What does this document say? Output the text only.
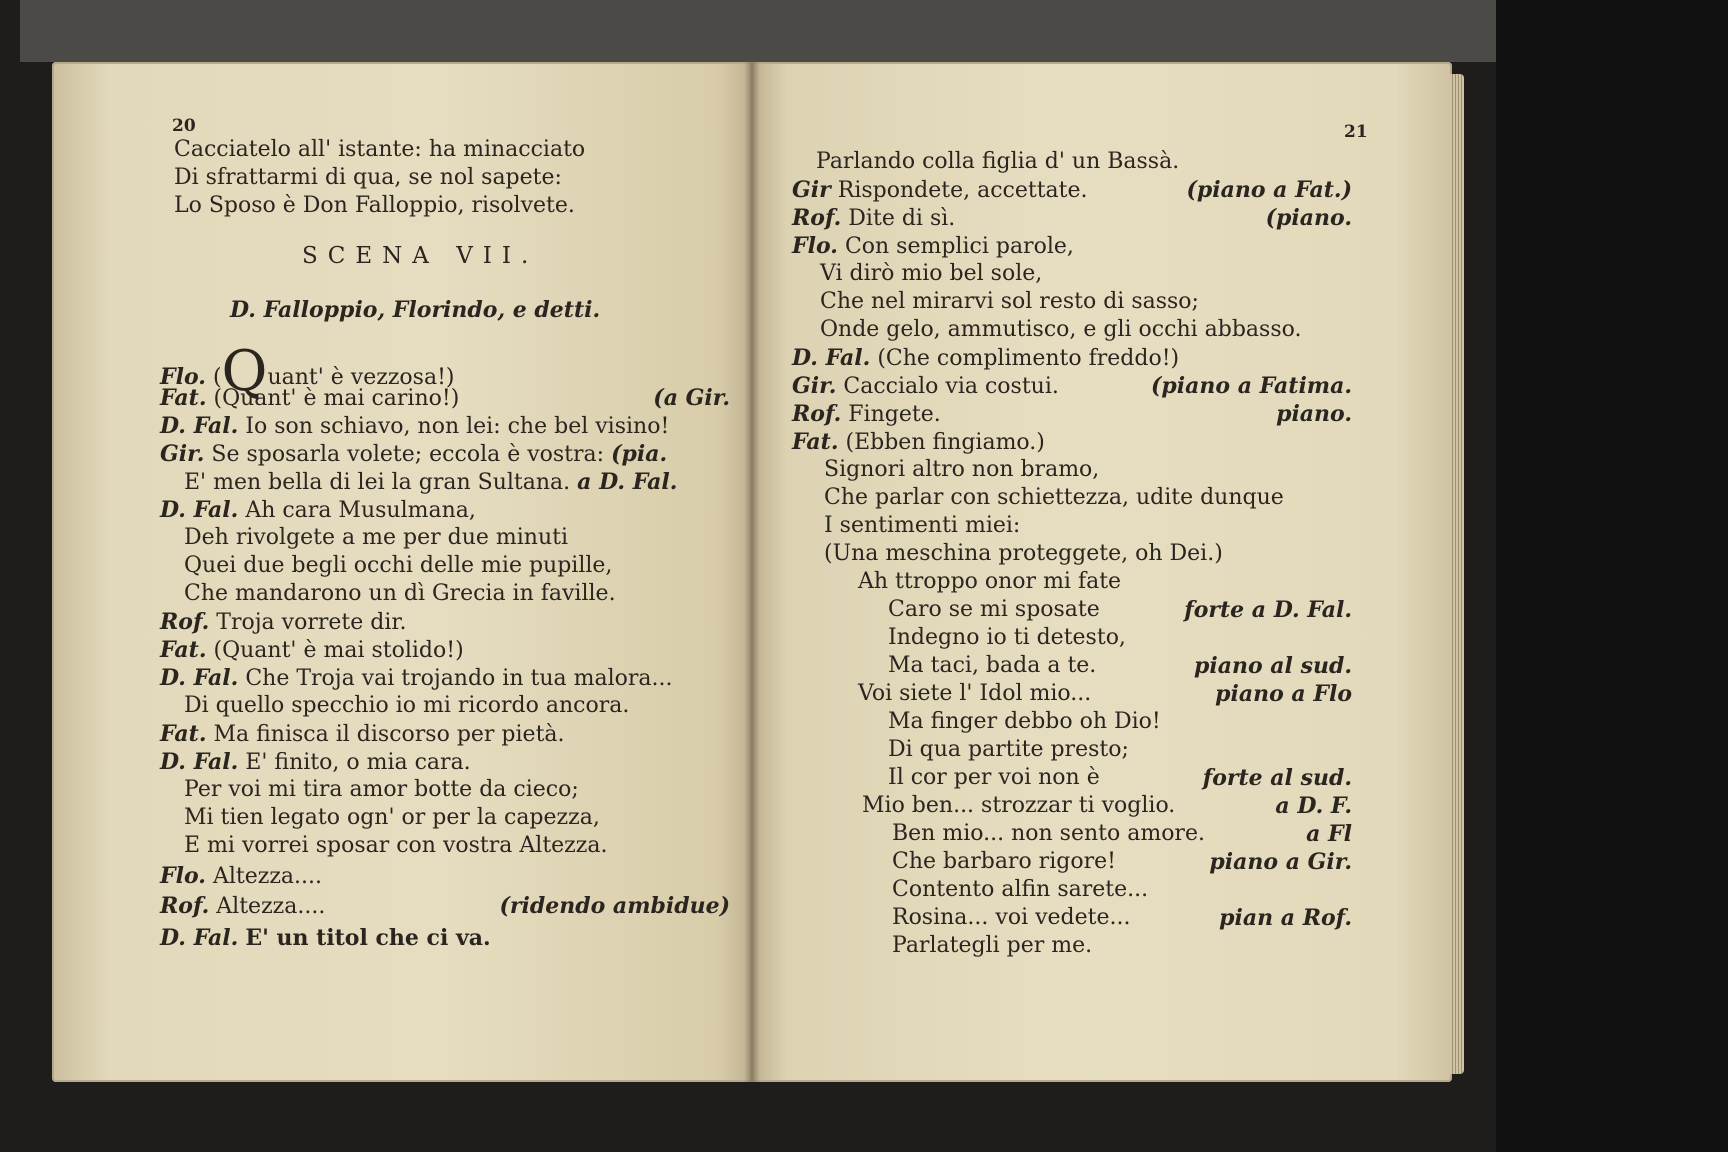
20
Cacciatelo all' istante: ha minacciato
Di sfrattarmi di qua, se nol sapete:
Lo Sposo è Don Falloppio, risolvete.
SCENA VII.
D. Falloppio, Florindo, e detti.
Flo. (Quant' è vezzosa!)
Fat. (Quant' è mai carino!)	(a Gir.
D. Fal. Io son schiavo, non lei: che bel visino!
Gir. Se sposarla volete; eccola è vostra: (pia.
E' men bella di lei la gran Sultana. a D. Fal.
D. Fal. Ah cara Musulmana,
Deh rivolgete a me per due minuti
Quei due begli occhi delle mie pupille,
Che mandarono un dì Grecia in faville.
Rof. Troja vorrete dir.
Fat. (Quant' è mai stolido!)
D. Fal. Che Troja vai trojando in tua malora...
Di quello specchio io mi ricordo ancora.
Fat. Ma finisca il discorso per pietà.
D. Fal. E' finito, o mia cara.
Per voi mi tira amor botte da cieco;
Mi tien legato ogn' or per la capezza,
E mi vorrei sposar con vostra Altezza.
Flo. Altezza....
Rof. Altezza....	(ridendo ambidue)
D. Fal. E' un titol che ci va.
21
Parlando colla figlia d' un Bassà.
Gir Rispondete, accettate.	(piano a Fat.)
Rof. Dite di sì.	(piano.
Flo. Con semplici parole,
Vi dirò mio bel sole,
Che nel mirarvi sol resto di sasso;
Onde gelo, ammutisco, e gli occhi abbasso.
D. Fal. (Che complimento freddo!)
Gir. Caccialo via costui.	(piano a Fatima.
Rof. Fingete.	piano.
Fat. (Ebben fingiamo.)
Signori altro non bramo,
Che parlar con schiettezza, udite dunque
I sentimenti miei:
(Una meschina proteggete, oh Dei.)
Ah ttroppo onor mi fate
Caro se mi sposate	forte a D. Fal.
Indegno io ti detesto,
Ma taci, bada a te.	piano al sud.
Voi siete l' Idol mio...	piano a Flo
Ma finger debbo oh Dio!
Di qua partite presto;
Il cor per voi non è	forte al sud.
Mio ben... strozzar ti voglio.	a D. F.
Ben mio... non sento amore.	a Fl
Che barbaro rigore!	piano a Gir.
Contento alfin sarete...
Rosina... voi vedete...	pian a Rof.
Parlategli per me.
